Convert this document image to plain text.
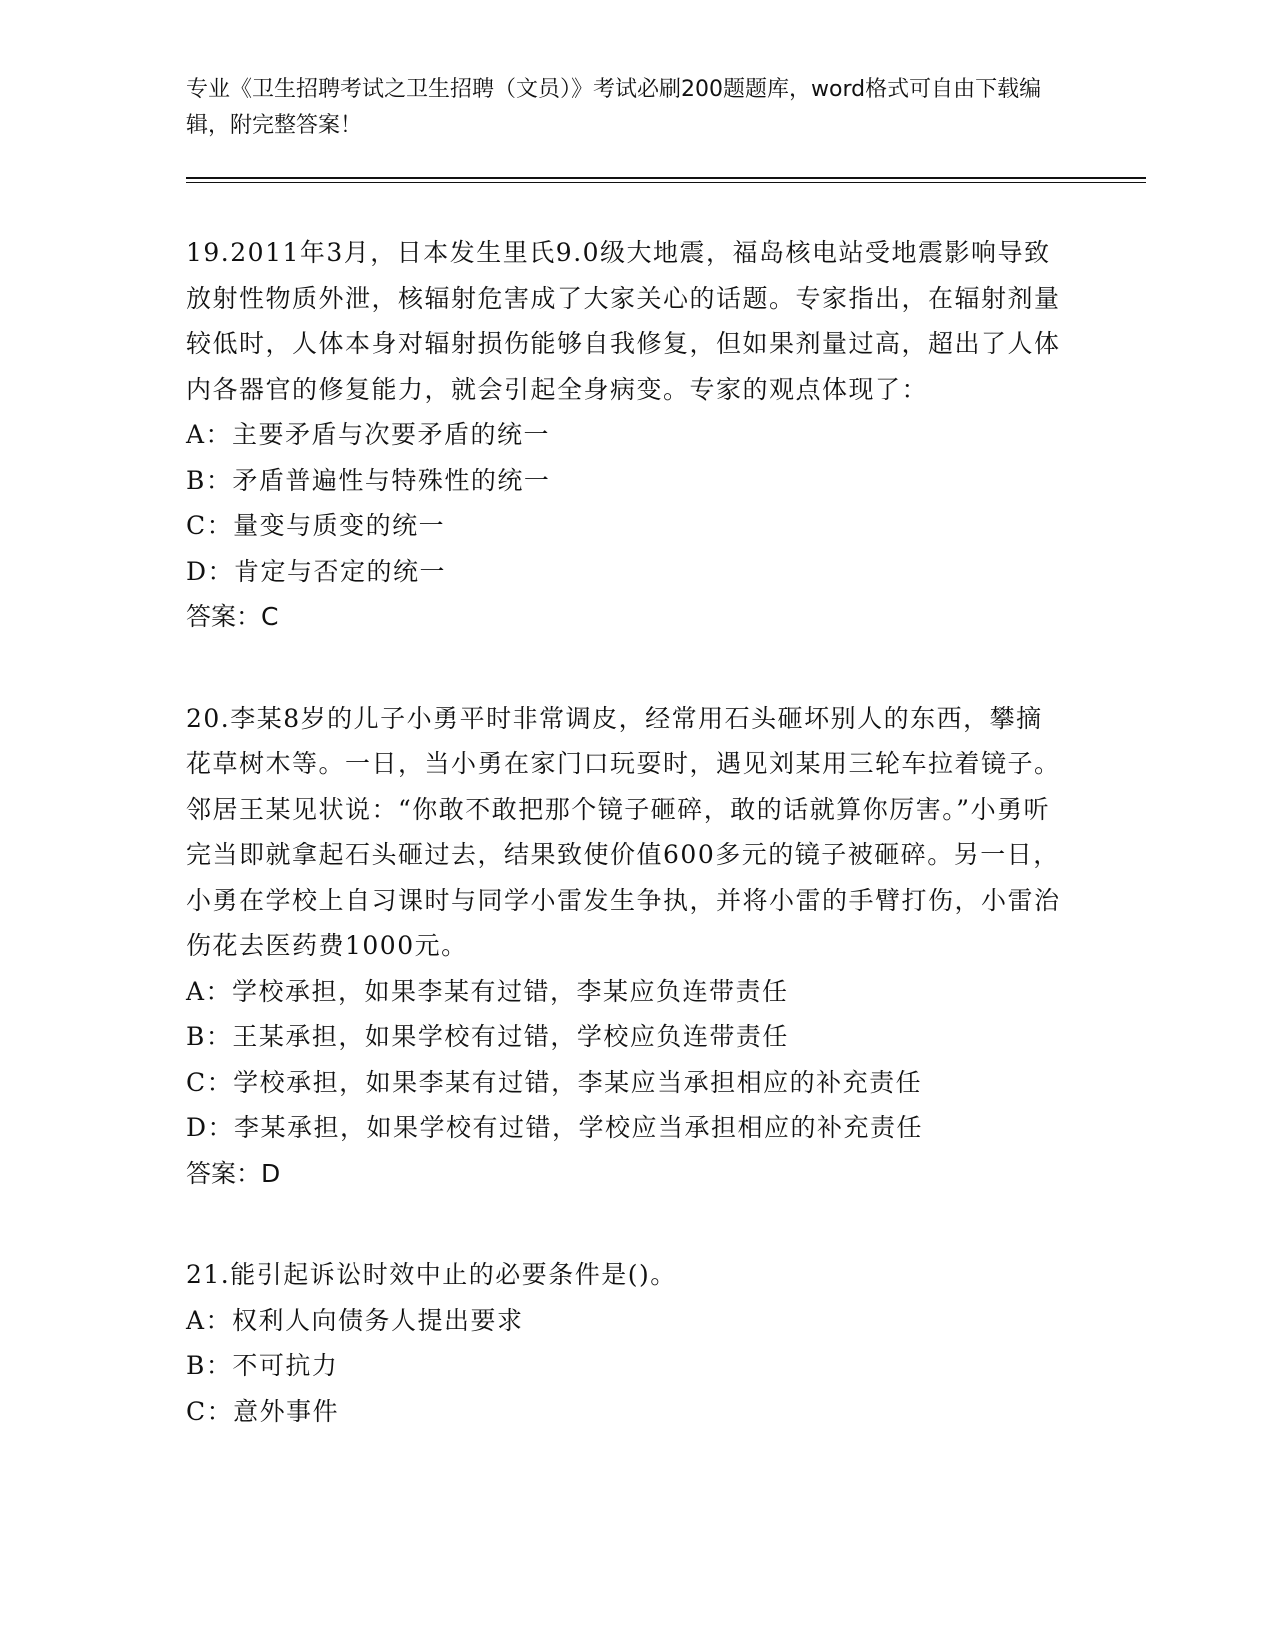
专业《卫生招聘考试之卫生招聘（文员）》考试必刷200题题库，word格式可自由下载编辑，附完整答案！

19.2011年3月，日本发生里氏9.0级大地震，福岛核电站受地震影响导致放射性物质外泄，核辐射危害成了大家关心的话题。专家指出，在辐射剂量较低时，人体本身对辐射损伤能够自我修复，但如果剂量过高，超出了人体内各器官的修复能力，就会引起全身病变。专家的观点体现了：

A：主要矛盾与次要矛盾的统一

B：矛盾普遍性与特殊性的统一

C：量变与质变的统一

D：肯定与否定的统一

答案：C

20.李某8岁的儿子小勇平时非常调皮，经常用石头砸坏别人的东西，攀摘花草树木等。一日，当小勇在家门口玩耍时，遇见刘某用三轮车拉着镜子。邻居王某见状说：“你敢不敢把那个镜子砸碎，敢的话就算你厉害。”小勇听完当即就拿起石头砸过去，结果致使价值600多元的镜子被砸碎。另一日，小勇在学校上自习课时与同学小雷发生争执，并将小雷的手臂打伤，小雷治伤花去医药费1000元。

A：学校承担，如果李某有过错，李某应负连带责任

B：王某承担，如果学校有过错，学校应负连带责任

C：学校承担，如果李某有过错，李某应当承担相应的补充责任

D：李某承担，如果学校有过错，学校应当承担相应的补充责任

答案：D

21.能引起诉讼时效中止的必要条件是()。

A：权利人向债务人提出要求

B：不可抗力

C：意外事件
